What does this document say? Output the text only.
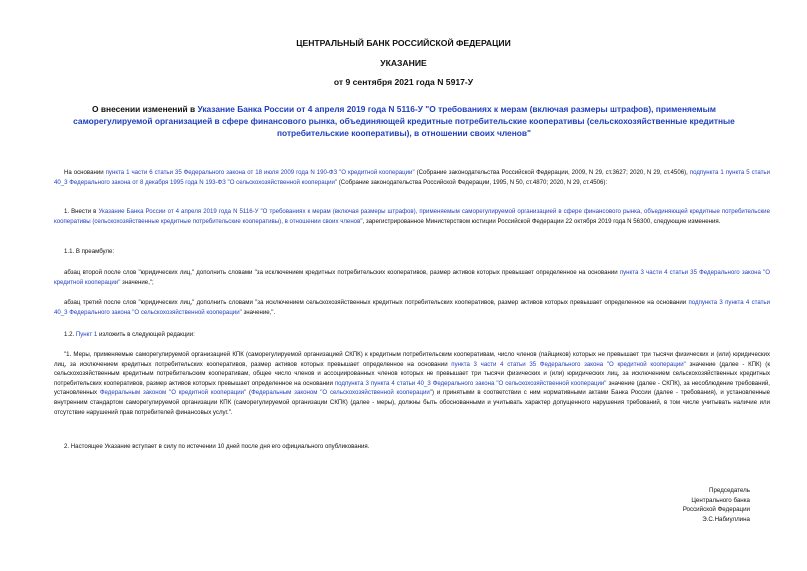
ЦЕНТРАЛЬНЫЙ БАНК РОССИЙСКОЙ ФЕДЕРАЦИИ
УКАЗАНИЕ
от 9 сентября 2021 года N 5917-У
О внесении изменений в Указание Банка России от 4 апреля 2019 года N 5116-У "О требованиях к мерам (включая размеры штрафов), применяемым саморегулируемой организацией в сфере финансового рынка, объединяющей кредитные потребительские кооперативы (сельскохозяйственные кредитные потребительские кооперативы), в отношении своих членов"
На основании пункта 1 части 6 статьи 35 Федерального закона от 18 июля 2009 года N 190-ФЗ "О кредитной кооперации" (Собрание законодательства Российской Федерации, 2009, N 29, ст.3627; 2020, N 29, ст.4506), подпункта 1 пункта 5 статьи 40_3 Федерального закона от 8 декабря 1995 года N 193-ФЗ "О сельскохозяйственной кооперации" (Собрание законодательства Российской Федерации, 1995, N 50, ст.4870; 2020, N 29, ст.4506):
1. Внести в Указание Банка России от 4 апреля 2019 года N 5116-У "О требованиях к мерам (включая размеры штрафов), применяемым саморегулируемой организацией в сфере финансового рынка, объединяющей кредитные потребительские кооперативы (сельскохозяйственные кредитные потребительские кооперативы), в отношении своих членов", зарегистрированное Министерством юстиции Российской Федерации 22 октября 2019 года N 56300, следующие изменения.
1.1. В преамбуле:
абзац второй после слов "юридических лиц," дополнить словами "за исключением кредитных потребительских кооперативов, размер активов которых превышает определенное на основании пункта 3 части 4 статьи 35 Федерального закона "О кредитной кооперации" значение,";
абзац третий после слов "юридических лиц," дополнить словами "за исключением сельскохозяйственных кредитных потребительских кооперативов, размер активов которых превышает определенное на основании подпункта 3 пункта 4 статьи 40_3 Федерального закона "О сельскохозяйственной кооперации" значение,".
1.2. Пункт 1 изложить в следующей редакции:
"1. Меры, применяемые саморегулируемой организацией КПК (саморегулируемой организацией СКПК) к кредитным потребительским кооперативам, число членов (пайщиков) которых не превышает три тысячи физических и (или) юридических лиц, за исключением кредитных потребительских кооперативов, размер активов которых превышает определенное на основании пункта 3 части 4 статьи 35 Федерального закона "О кредитной кооперации" значение (далее - КПК) (к сельскохозяйственным кредитным потребительским кооперативам, общее число членов и ассоциированных членов которых не превышает три тысячи физических и (или) юридических лиц, за исключением сельскохозяйственных кредитных потребительских кооперативов, размер активов которых превышает определенное на основании подпункта 3 пункта 4 статьи 40_3 Федерального закона "О сельскохозяйственной кооперации" значение (далее - СКПК), за несоблюдение требований, установленных Федеральным законом "О кредитной кооперации" (Федеральным законом "О сельскохозяйственной кооперации") и принятыми в соответствии с ним нормативными актами Банка России (далее - требования), и установленные внутренним стандартом саморегулируемой организации КПК (саморегулируемой организации СКПК) (далее - меры), должны быть обоснованными и учитывать характер допущенного нарушения требований, в том числе учитывать наличие или отсутствие нарушений прав потребителей финансовых услуг.".
2. Настоящее Указание вступает в силу по истечении 10 дней после дня его официального опубликования.
Председатель
Центрального банка
Российской Федерации
Э.С.Набиуллина
